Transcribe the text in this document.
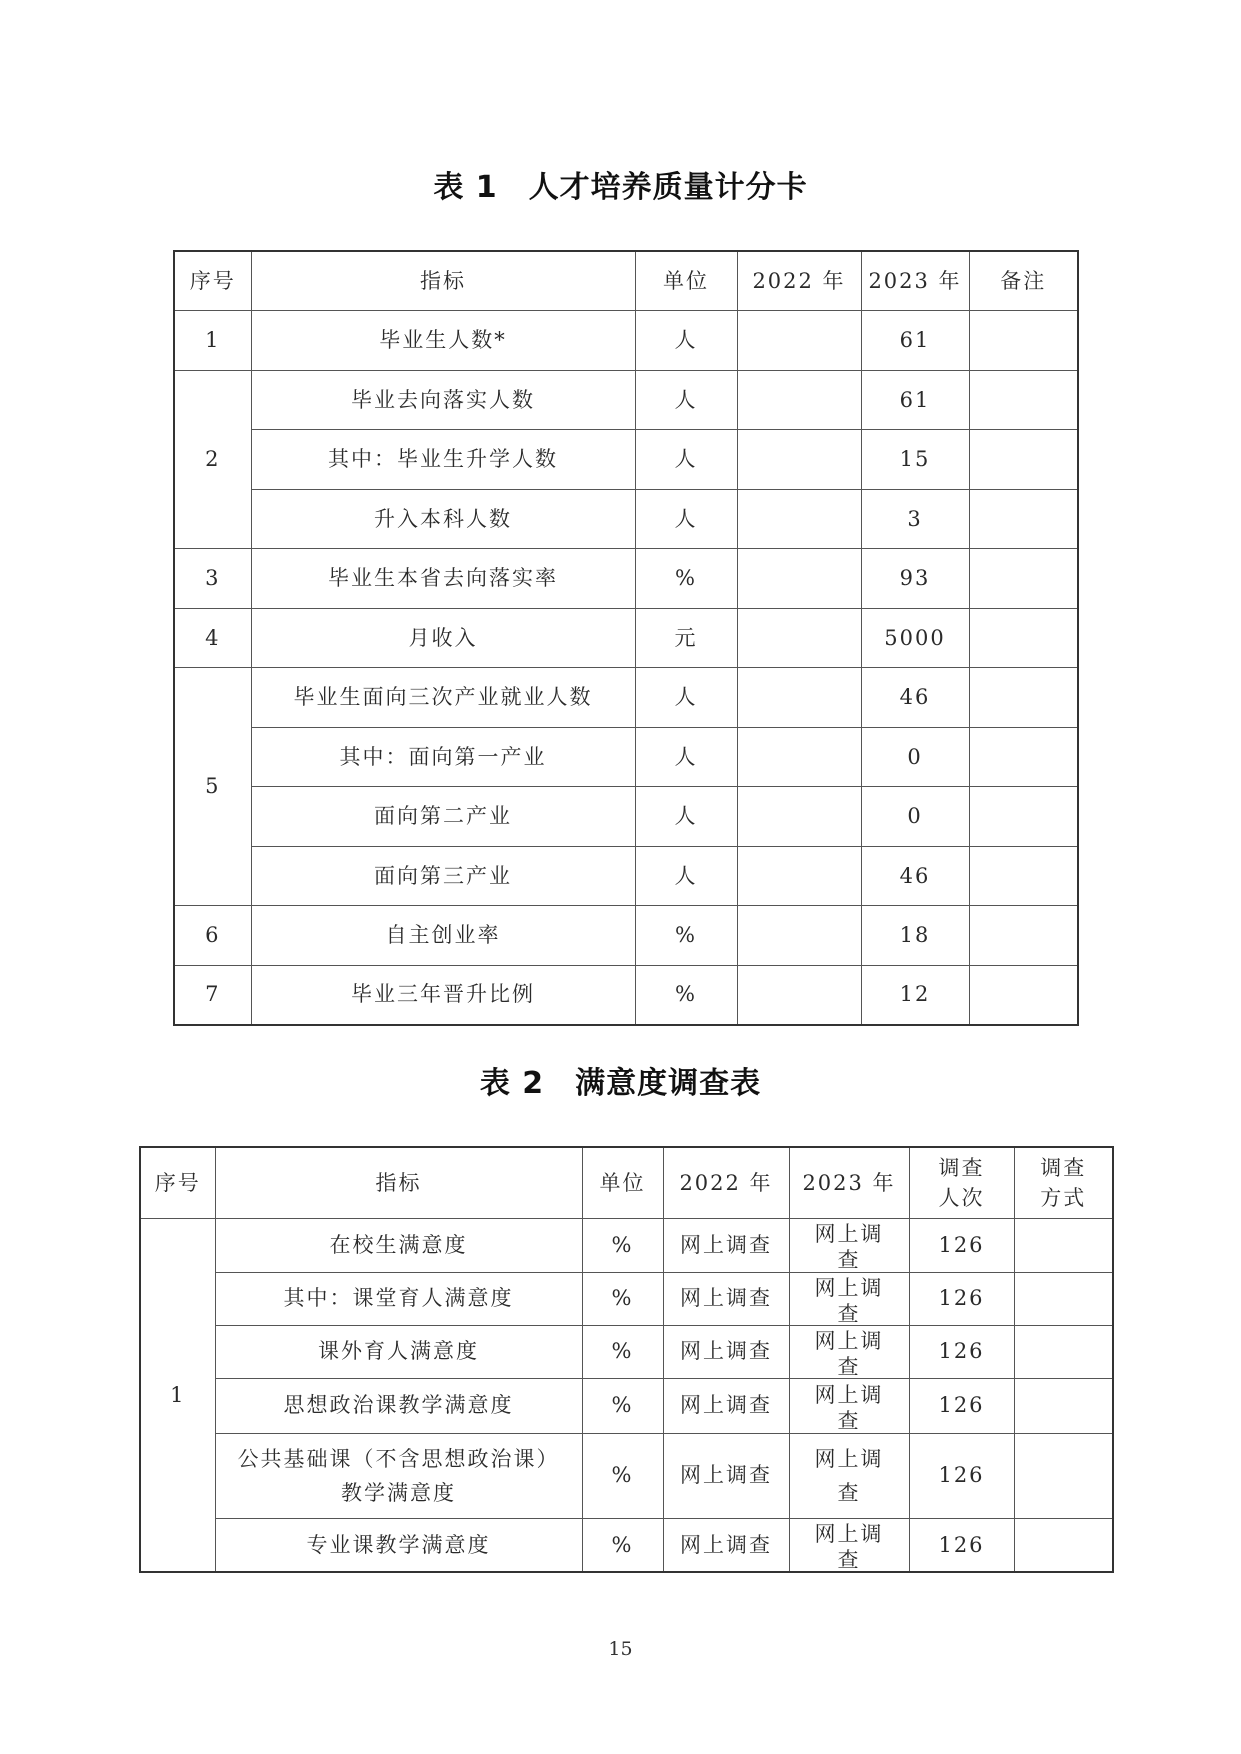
表 1　人才培养质量计分卡
序号	指标	单位	2022 年	2023 年	备注
1	毕业生人数*	人		61	
2	毕业去向落实人数	人		61	
	其中：毕业生升学人数	人		15	
	升入本科人数	人		3	
3	毕业生本省去向落实率	%		93	
4	月收入	元		5000	
5	毕业生面向三次产业就业人数	人		46	
	其中：面向第一产业	人		0	
	面向第二产业	人		0	
	面向第三产业	人		46	
6	自主创业率	%		18	
7	毕业三年晋升比例	%		12	
表 2　满意度调查表
序号	指标	单位	2022 年	2023 年	调查人次	调查方式

1	在校生满意度	%	网上调查	网上调查	126	
	其中：课堂育人满意度	%	网上调查	网上调查	126	
	课外育人满意度	%	网上调查	网上调查	126	
	思想政治课教学满意度	%	网上调查	网上调查	126	

	公共基础课（不含思想政治课）教学满意度	%	网上调查	网上调查	126	
	专业课教学满意度	%	网上调查	网上调查	126	
15
